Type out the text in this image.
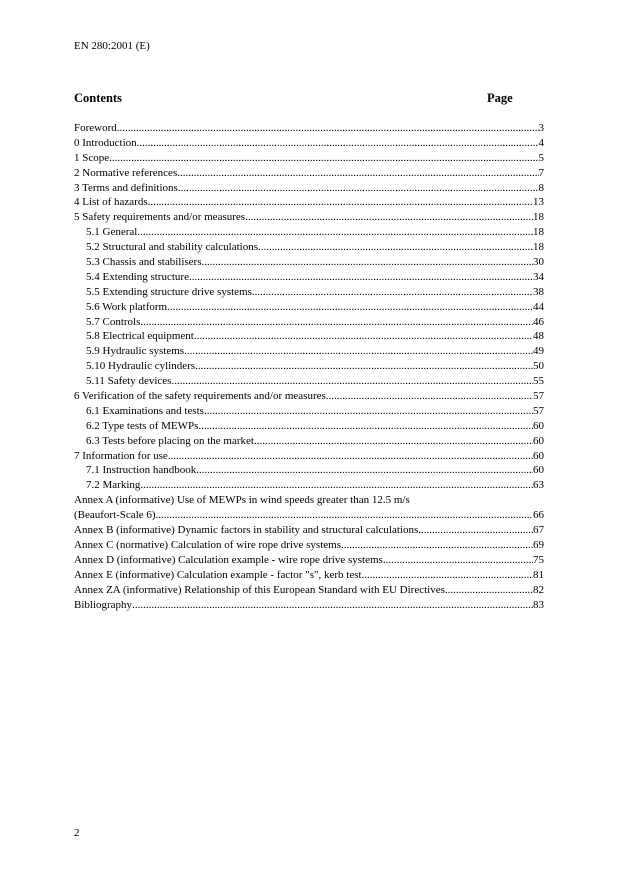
EN 280:2001 (E)
Contents	Page
Foreword .....	3
0 Introduction .....	4
1 Scope .....	5
2 Normative references .....	7
3 Terms and definitions .....	8
4 List of hazards .....	13
5 Safety requirements and/or measures .....	18
5.1 General .....	18
5.2 Structural and stability calculations .....	18
5.3 Chassis and stabilisers .....	30
5.4 Extending structure .....	34
5.5 Extending structure drive systems .....	38
5.6 Work platform .....	44
5.7 Controls .....	46
5.8 Electrical equipment .....	48
5.9 Hydraulic systems .....	49
5.10 Hydraulic cylinders .....	50
5.11 Safety devices .....	55
6 Verification of the safety requirements and/or measures .....	57
6.1 Examinations and tests .....	57
6.2 Type tests of MEWPs .....	60
6.3 Tests before placing on the market .....	60
7 Information for use .....	60
7.1 Instruction handbook .....	60
7.2 Marking .....	63
Annex A (informative) Use of MEWPs in wind speeds greater than 12.5 m/s
(Beaufort-Scale 6) .....	66
Annex B (informative) Dynamic factors in stability and structural calculations .....	67
Annex C (normative) Calculation of wire rope drive systems .....	69
Annex D (informative) Calculation example - wire rope drive systems .....	75
Annex E (informative) Calculation example - factor "s", kerb test .....	81
Annex ZA (informative) Relationship of this European Standard with EU Directives .....	82
Bibliography .....	83
2
